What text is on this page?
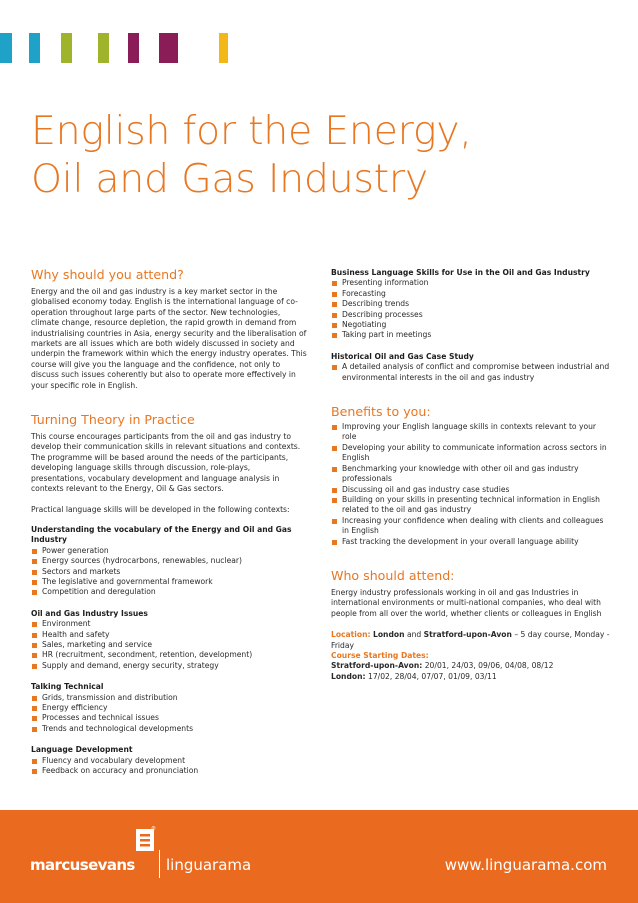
English for the Energy,
Oil and Gas Industry
Why should you attend?

Energy and the oil and gas industry is a key market sector in the globalised economy today. English is the international language of co-operation throughout large parts of the sector. New technologies, climate change, resource depletion, the rapid growth in demand from industrialising countries in Asia, energy security and the liberalisation of markets are all issues which are both widely discussed in society and underpin the framework within which the energy industry operates. This course will give you the language and the confidence, not only to discuss such issues coherently but also to operate more effectively in your specific role in English.

Turning Theory in Practice

This course encourages participants from the oil and gas industry to develop their communication skills in relevant situations and contexts. The programme will be based around the needs of the participants, developing language skills through discussion, role-plays, presentations, vocabulary development and language analysis in contexts relevant to the Energy, Oil & Gas sectors.

Practical language skills will be developed in the following contexts:

Understanding the vocabulary of the Energy and Oil and Gas Industry

Power generation
Energy sources (hydrocarbons, renewables, nuclear)
Sectors and markets
The legislative and governmental framework
Competition and deregulation

Oil and Gas Industry Issues

Environment
Health and safety
Sales, marketing and service
HR (recruitment, secondment, retention, development)
Supply and demand, energy security, strategy

Talking Technical

Grids, transmission and distribution
Energy efficiency
Processes and technical issues
Trends and technological developments

Language Development

Fluency and vocabulary development
Feedback on accuracy and pronunciation

Business Language Skills for Use in the Oil and Gas Industry

Presenting information
Forecasting
Describing trends
Describing processes
Negotiating
Taking part in meetings

Historical Oil and Gas Case Study

A detailed analysis of conflict and compromise between industrial and environmental interests in the oil and gas industry
Benefits to you:
Improving your English language skills in contexts relevant to your role
Developing your ability to communicate information across sectors in English
Benchmarking your knowledge with other oil and gas industry professionals
Discussing oil and gas industry case studies
Building on your skills in presenting technical information in English related to the oil and gas industry
Increasing your confidence when dealing with clients and colleagues in English
Fast tracking the development in your overall language ability
Who should attend:

Energy industry professionals working in oil and gas Industries in international environments or multi-national companies, who deal with people from all over the world, whether clients or colleagues in English

Location: London and Stratford-upon-Avon – 5 day course, Monday - Friday

Course Starting Dates:

Stratford-upon-Avon: 20/01, 24/03, 09/06, 04/08, 08/12

London: 17/02, 28/04, 07/07, 01/09, 03/11

®
marcusevans linguarama	www.linguarama.com
